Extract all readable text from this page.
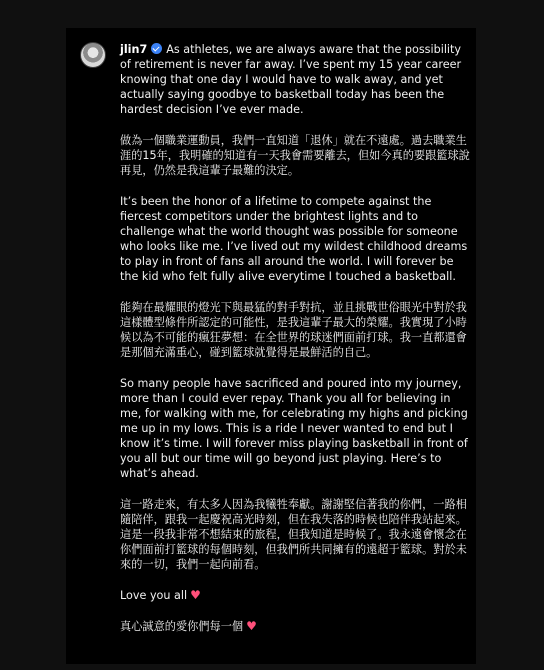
jlin7 As athletes, we are always aware that the possibility of retirement is never far away. I’ve spent my 15 year career knowing that one day I would have to walk away, and yet actually saying goodbye to basketball today has been the hardest decision I’ve ever made.

做為一個職業運動員，我們一直知道「退休」就在不遠處。過去職業生涯的15年，我明確的知道有一天我會需要離去，但如今真的要跟籃球說再見，仍然是我這輩子最難的決定。

It’s been the honor of a lifetime to compete against the fiercest competitors under the brightest lights and to challenge what the world thought was possible for someone who looks like me. I’ve lived out my wildest childhood dreams to play in front of fans all around the world. I will forever be the kid who felt fully alive everytime I touched a basketball.

能夠在最耀眼的燈光下與最猛的對手對抗，並且挑戰世俗眼光中對於我這樣體型條件所認定的可能性，是我這輩子最大的榮耀。我實現了小時候以為不可能的瘋狂夢想：在全世界的球迷們面前打球。我一直都還會是那個充滿重心，碰到籃球就覺得是最鮮活的自己。

So many people have sacrificed and poured into my journey, more than I could ever repay. Thank you all for believing in me, for walking with me, for celebrating my highs and picking me up in my lows. This is a ride I never wanted to end but I know it’s time. I will forever miss playing basketball in front of you all but our time will go beyond just playing. Here’s to what’s ahead.

這一路走來，有太多人因為我犧牲奉獻。謝謝堅信著我的你們，一路相隨陪伴，跟我一起慶祝高光時刻，但在我失落的時候也陪伴我站起來。這是一段我非常不想結束的旅程，但我知道是時候了。我永遠會懷念在你們面前打籃球的每個時刻，但我們所共同擁有的遠超于籃球。對於未來的一切，我們一起向前看。

Love you all ♥

真心誠意的愛你們每一個 ♥
